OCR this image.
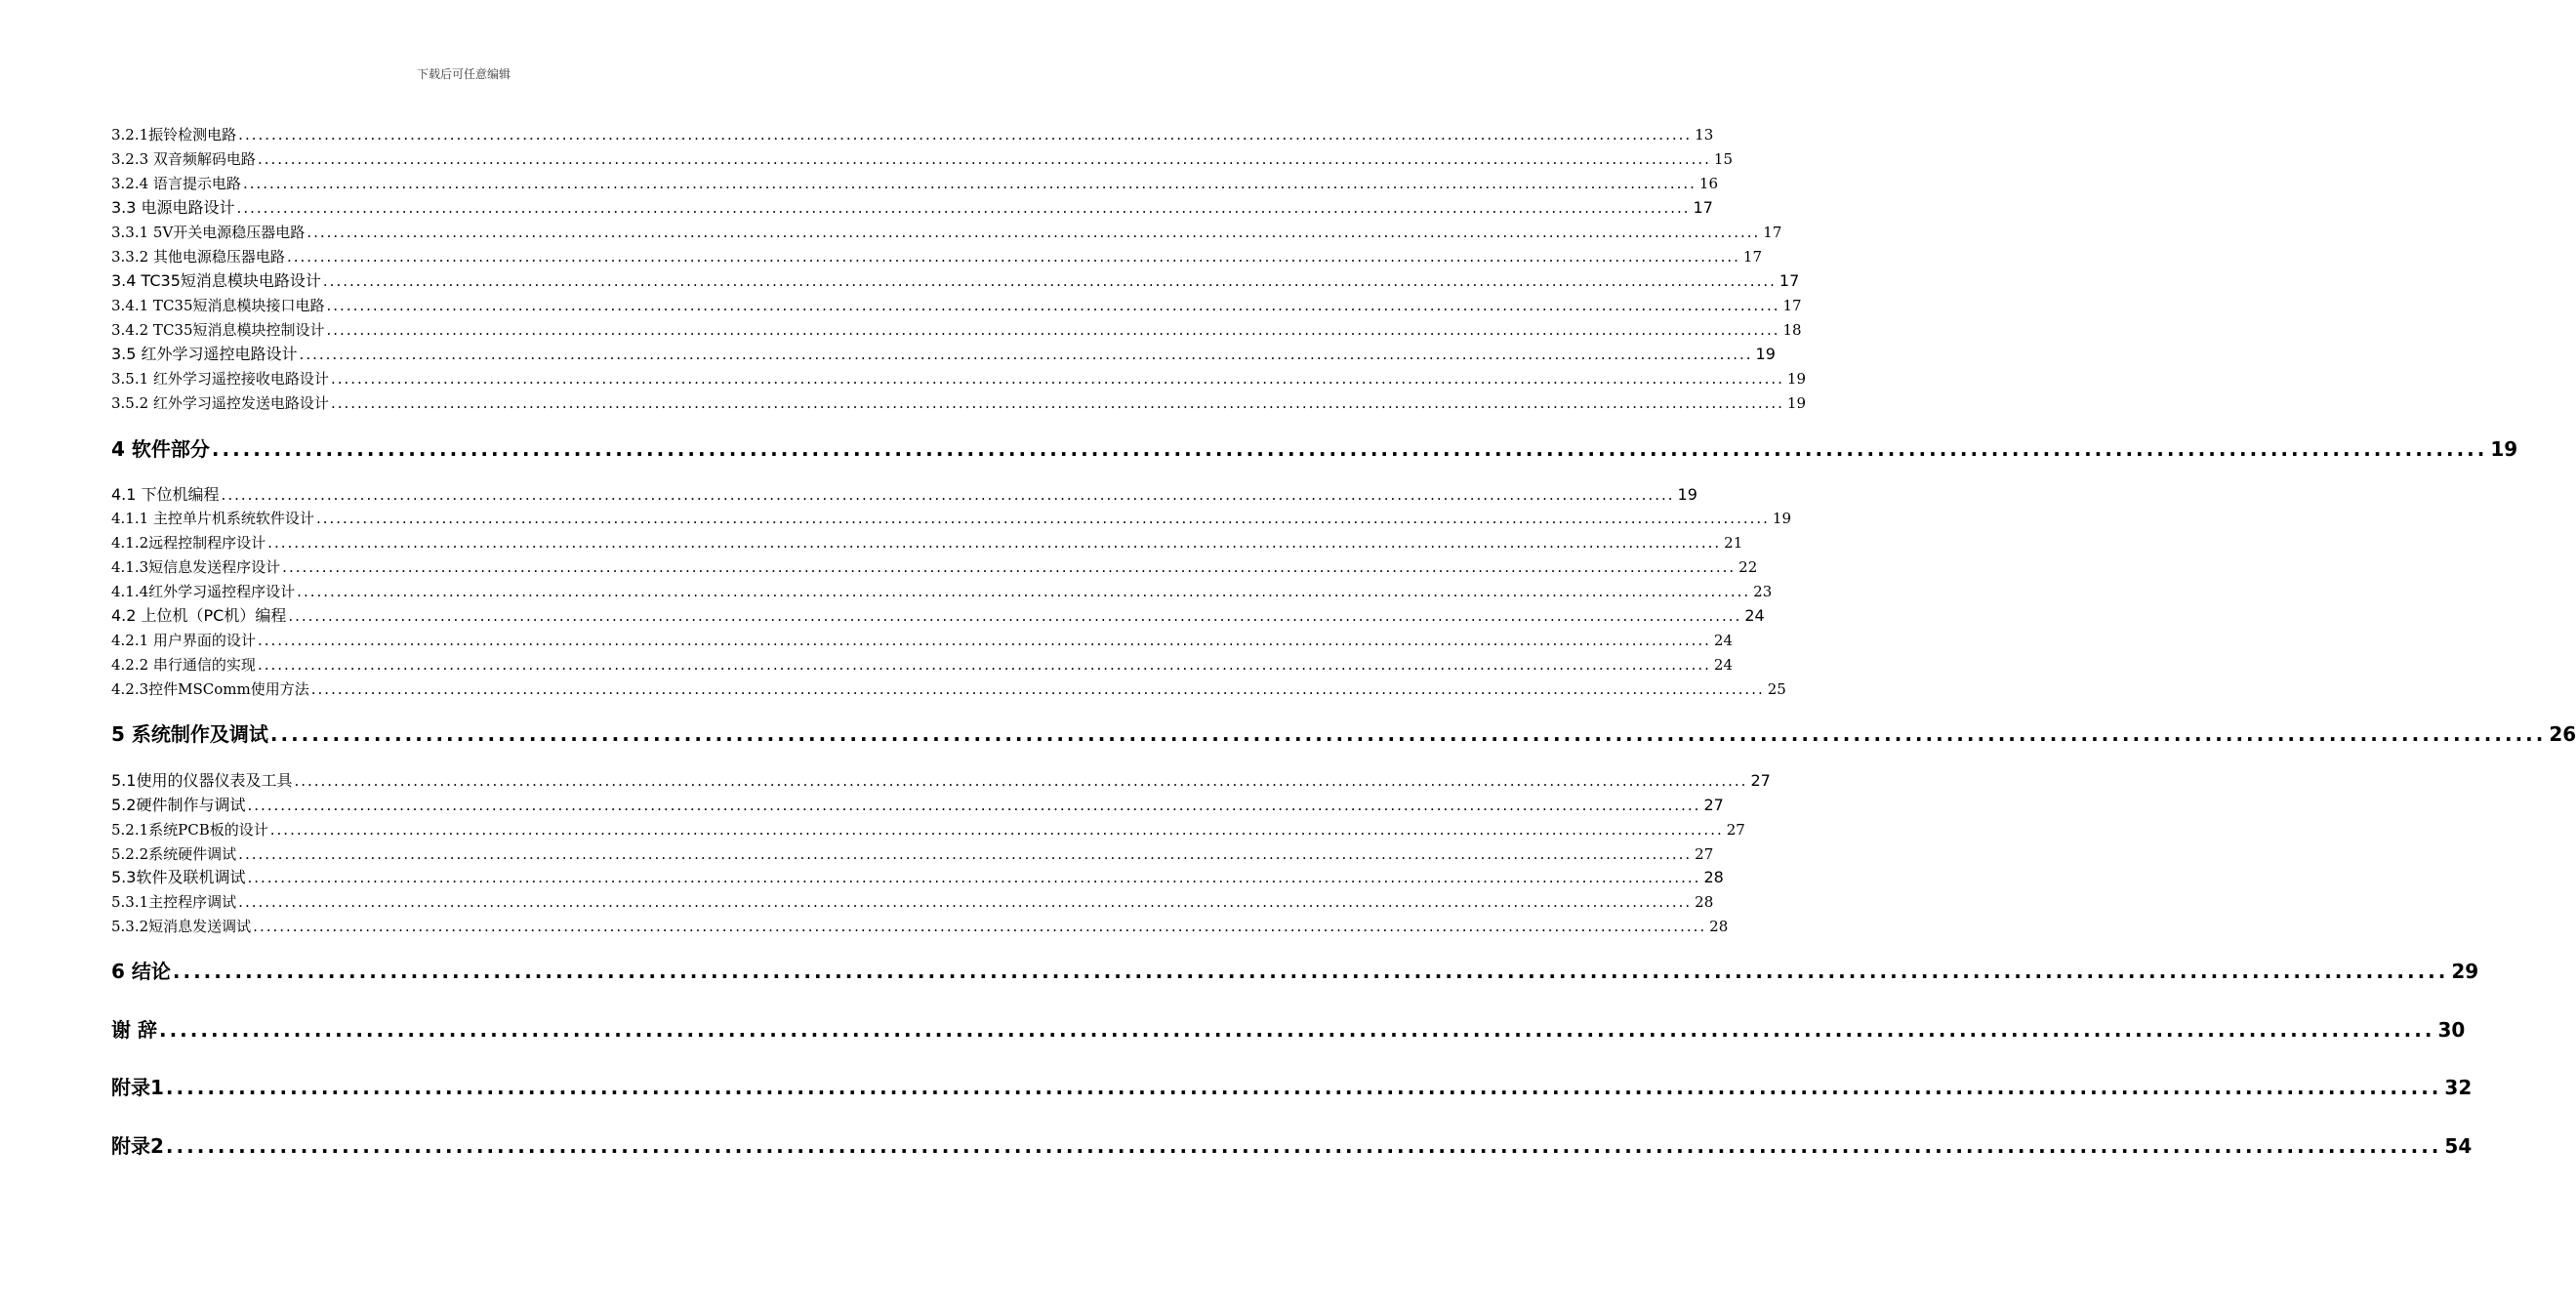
下载后可任意编辑
3.2.1振铃检测电路 ............................................................................................................................................................................................................................ 13
3.2.3 双音频解码电路 ............................................................................................................................................................................................................................ 15
3.2.4 语言提示电路 ............................................................................................................................................................................................................................ 16
3.3 电源电路设计 ............................................................................................................................................................................................................................ 17
3.3.1 5V开关电源稳压器电路 ............................................................................................................................................................................................................................ 17
3.3.2 其他电源稳压器电路 ............................................................................................................................................................................................................................ 17
3.4 TC35短消息模块电路设计 ............................................................................................................................................................................................................................ 17
3.4.1 TC35短消息模块接口电路 ............................................................................................................................................................................................................................ 17
3.4.2 TC35短消息模块控制设计 ............................................................................................................................................................................................................................ 18
3.5 红外学习遥控电路设计 ............................................................................................................................................................................................................................ 19
3.5.1 红外学习遥控接收电路设计 ............................................................................................................................................................................................................................ 19
3.5.2 红外学习遥控发送电路设计 ............................................................................................................................................................................................................................ 19
4 软件部分 ............................................................................................................................................................................................................................ 19
4.1 下位机编程 ............................................................................................................................................................................................................................ 19
4.1.1 主控单片机系统软件设计 ............................................................................................................................................................................................................................ 19
4.1.2远程控制程序设计 ............................................................................................................................................................................................................................ 21
4.1.3短信息发送程序设计 ............................................................................................................................................................................................................................ 22
4.1.4红外学习遥控程序设计 ............................................................................................................................................................................................................................ 23
4.2 上位机（PC机）编程 ............................................................................................................................................................................................................................ 24
4.2.1 用户界面的设计 ............................................................................................................................................................................................................................ 24
4.2.2 串行通信的实现 ............................................................................................................................................................................................................................ 24
4.2.3控件MSComm使用方法 ............................................................................................................................................................................................................................ 25
5 系统制作及调试 ............................................................................................................................................................................................................................ 26
5.1使用的仪器仪表及工具 ............................................................................................................................................................................................................................ 27
5.2硬件制作与调试 ............................................................................................................................................................................................................................ 27
5.2.1系统PCB板的设计 ............................................................................................................................................................................................................................ 27
5.2.2系统硬件调试 ............................................................................................................................................................................................................................ 27
5.3软件及联机调试 ............................................................................................................................................................................................................................ 28
5.3.1主控程序调试 ............................................................................................................................................................................................................................ 28
5.3.2短消息发送调试 ............................................................................................................................................................................................................................ 28
6 结论 ............................................................................................................................................................................................................................ 29
谢 辞 ............................................................................................................................................................................................................................ 30
附录1 ............................................................................................................................................................................................................................ 32
附录2 ............................................................................................................................................................................................................................ 54
